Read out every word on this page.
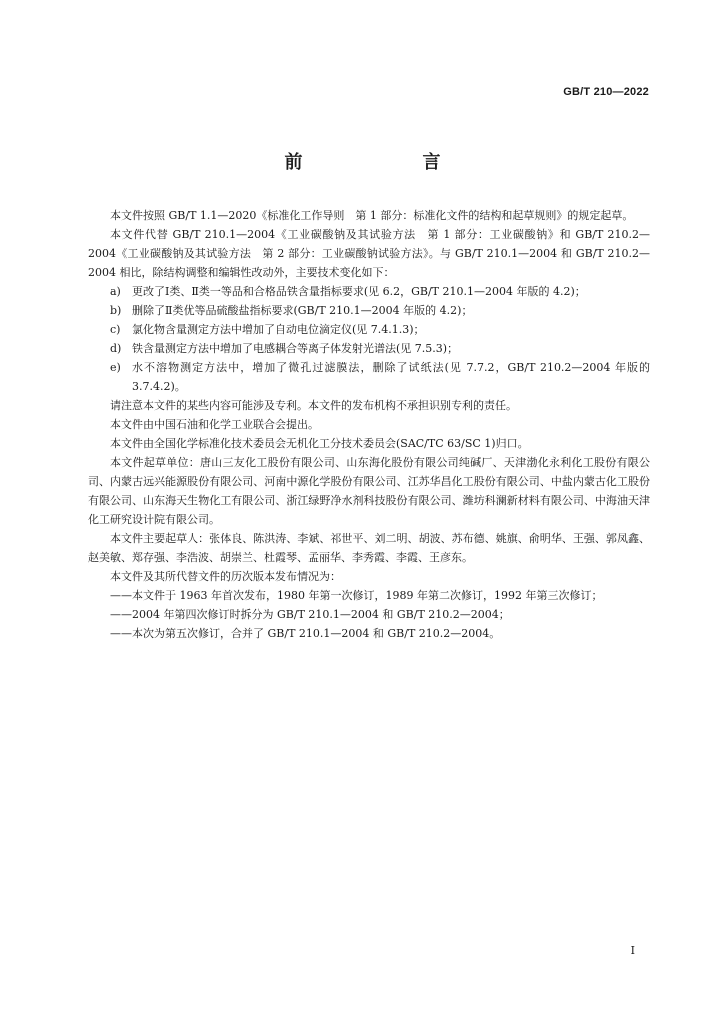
GB/T 210—2022
前　　言

本文件按照 GB/T 1.1—2020《标准化工作导则　第 1 部分：标准化文件的结构和起草规则》的规定起草。

本文件代替 GB/T 210.1—2004《工业碳酸钠及其试验方法　第 1 部分：工业碳酸钠》和 GB/T 210.2—2004《工业碳酸钠及其试验方法　第 2 部分：工业碳酸钠试验方法》。与 GB/T 210.1—2004 和 GB/T 210.2—2004 相比，除结构调整和编辑性改动外，主要技术变化如下：

a)	更改了Ⅰ类、Ⅱ类一等品和合格品铁含量指标要求(见 6.2，GB/T 210.1—2004 年版的 4.2)；
b) 删除了Ⅱ类优等品硫酸盐指标要求(GB/T 210.1—2004 年版的 4.2)；
c)	氯化物含量测定方法中增加了自动电位滴定仪(见 7.4.1.3)；
d) 铁含量测定方法中增加了电感耦合等离子体发射光谱法(见 7.5.3)；
e)	水不溶物测定方法中，增加了微孔过滤膜法，删除了试纸法(见 7.7.2，GB/T 210.2—2004 年版的 3.7.4.2)。

请注意本文件的某些内容可能涉及专利。本文件的发布机构不承担识别专利的责任。

本文件由中国石油和化学工业联合会提出。

本文件由全国化学标准化技术委员会无机化工分技术委员会(SAC/TC 63/SC 1)归口。

本文件起草单位：唐山三友化工股份有限公司、山东海化股份有限公司纯碱厂、天津渤化永利化工股份有限公司、内蒙古远兴能源股份有限公司、河南中源化学股份有限公司、江苏华昌化工股份有限公司、中盐内蒙古化工股份有限公司、山东海天生物化工有限公司、浙江绿野净水剂科技股份有限公司、潍坊科澜新材料有限公司、中海油天津化工研究设计院有限公司。

本文件主要起草人：张体良、陈洪涛、李斌、祁世平、刘二明、胡波、苏布德、姚旗、俞明华、王强、郭凤鑫、赵美敏、郑存强、李浩波、胡崇兰、杜霞琴、孟丽华、李秀霞、李霞、王彦东。

本文件及其所代替文件的历次版本发布情况为：

——本文件于 1963 年首次发布，1980 年第一次修订，1989 年第二次修订，1992 年第三次修订；

——2004 年第四次修订时拆分为 GB/T 210.1—2004 和 GB/T 210.2—2004；

——本次为第五次修订，合并了 GB/T 210.1—2004 和 GB/T 210.2—2004。

I
